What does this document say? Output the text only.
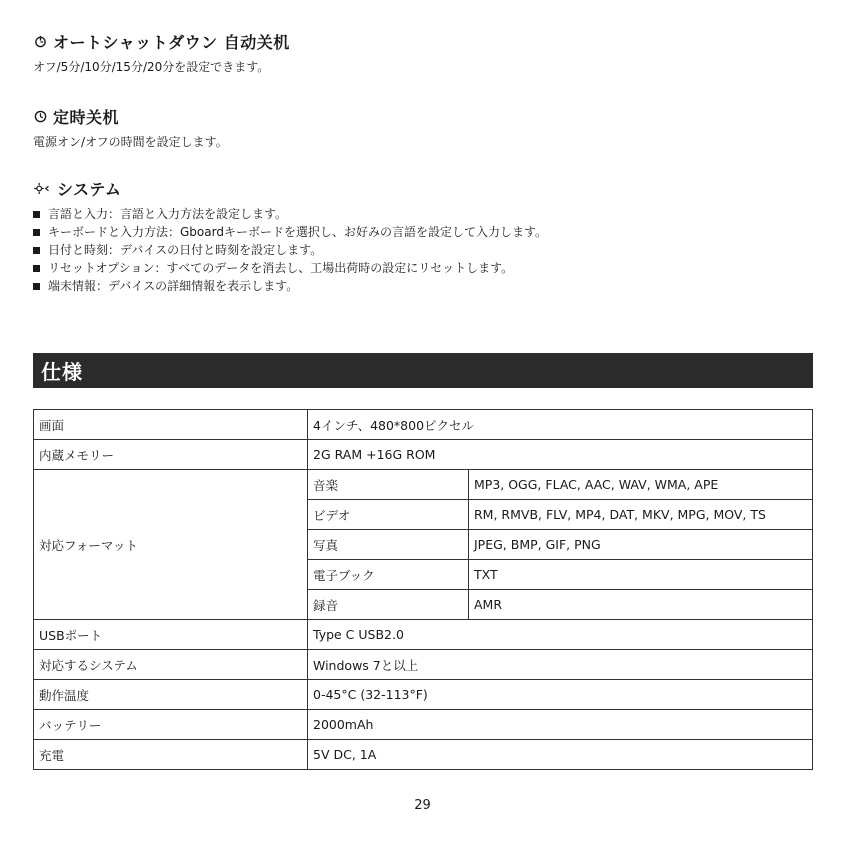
オートシャットダウン 自动关机
オフ/5分/10分/15分/20分を設定できます。
定時关机
電源オン/オフの時間を設定します。
システム
言語と入力：言語と入力方法を設定します。
キーボードと入力方法：Gboardキーボードを選択し、お好みの言語を設定して入力します。
日付と時刻：デバイスの日付と時刻を設定します。
リセットオプション：すべてのデータを消去し、工場出荷時の設定にリセットします。
端末情報：デバイスの詳細情報を表示します。
仕様
画面	4インチ、480*800ピクセル	
内蔵メモリー	2G RAM +16G ROM	
対応フォーマット	音楽	MP3, OGG, FLAC, AAC, WAV, WMA, APE
	ビデオ	RM, RMVB, FLV, MP4, DAT, MKV, MPG, MOV, TS
	写真	JPEG, BMP, GIF, PNG
	電子ブック	TXT
	録音	AMR
USBポート	Type C USB2.0	
対応するシステム	Windows 7と以上	
動作温度	0-45°C (32-113°F)	
バッテリー	2000mAh	
充電	5V DC, 1A	
29
